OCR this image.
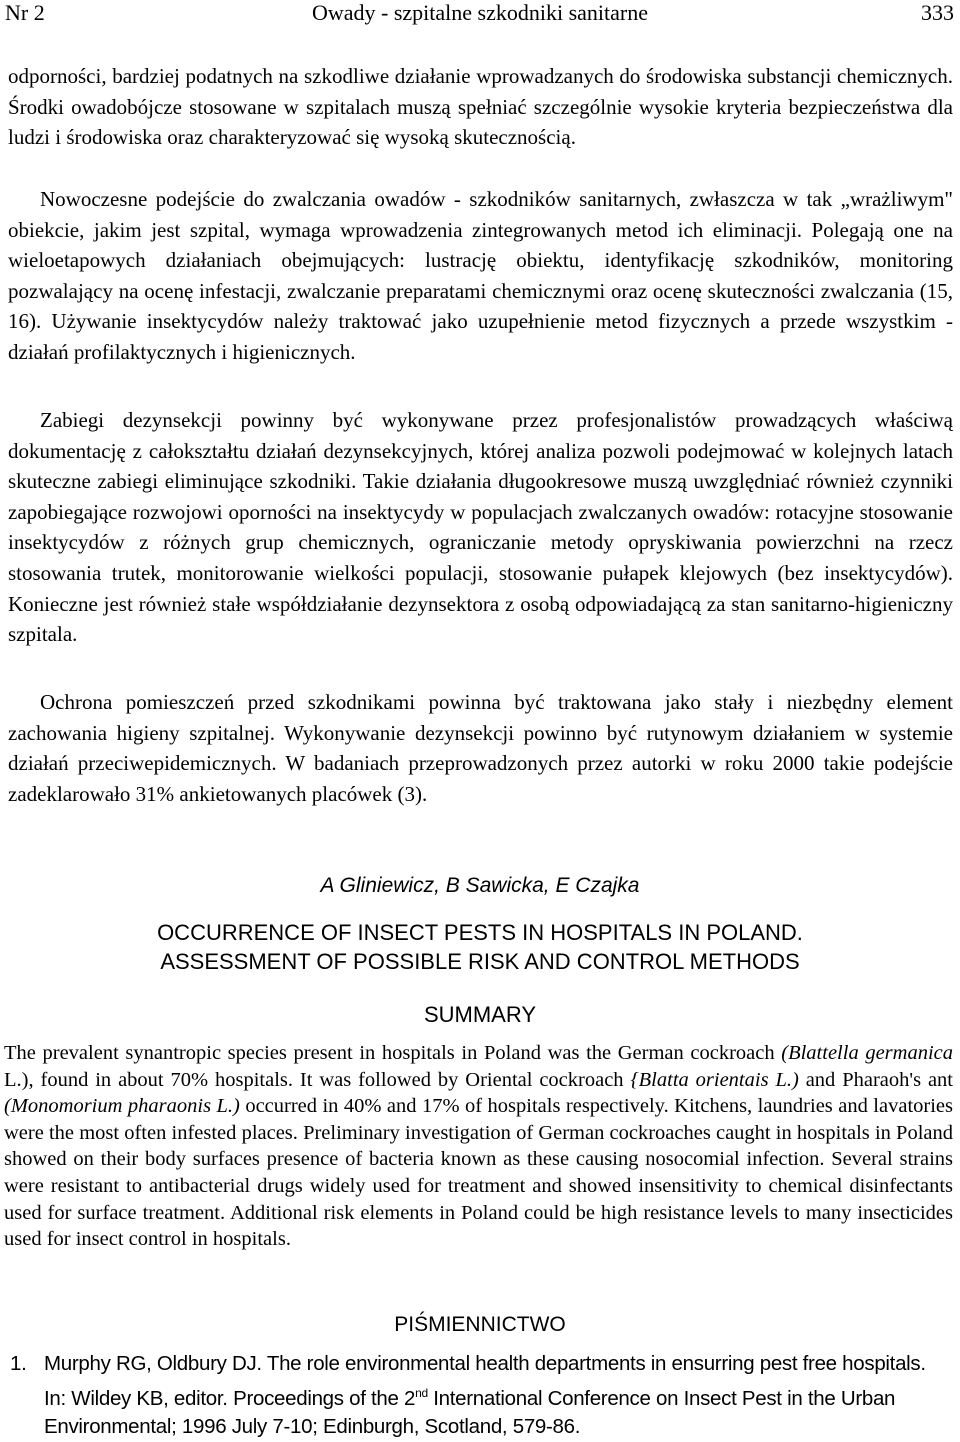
Nr 2	Owady - szpitalne szkodniki sanitarne	333

odporności, bardziej podatnych na szkodliwe działanie wprowadzanych do środowiska substancji chemicznych. Środki owadobójcze stosowane w szpitalach muszą spełniać szczególnie wysokie kryteria bezpieczeństwa dla ludzi i środowiska oraz charakteryzować się wysoką skutecznością.

Nowoczesne podejście do zwalczania owadów - szkodników sanitarnych, zwłaszcza w tak „wrażliwym" obiekcie, jakim jest szpital, wymaga wprowadzenia zintegrowanych metod ich eliminacji. Polegają one na wieloetapowych działaniach obejmujących: lustrację obiektu, identyfikację szkodników, monitoring pozwalający na ocenę infestacji, zwalczanie preparatami chemicznymi oraz ocenę skuteczności zwalczania (15, 16). Używanie insektycydów należy traktować jako uzupełnienie metod fizycznych a przede wszystkim - działań profilaktycznych i higienicznych.

Zabiegi dezynsekcji powinny być wykonywane przez profesjonalistów prowadzących właściwą dokumentację z całokształtu działań dezynsekcyjnych, której analiza pozwoli podejmować w kolejnych latach skuteczne zabiegi eliminujące szkodniki. Takie działania długookresowe muszą uwzględniać również czynniki zapobiegające rozwojowi oporności na insektycydy w populacjach zwalczanych owadów: rotacyjne stosowanie insektycydów z różnych grup chemicznych, ograniczanie metody opryskiwania powierzchni na rzecz stosowania trutek, monitorowanie wielkości populacji, stosowanie pułapek klejowych (bez insektycydów). Konieczne jest również stałe współdziałanie dezynsektora z osobą odpowiadającą za stan sanitarno-higieniczny szpitala.

Ochrona pomieszczeń przed szkodnikami powinna być traktowana jako stały i niezbędny element zachowania higieny szpitalnej. Wykonywanie dezynsekcji powinno być rutynowym działaniem w systemie działań przeciwepidemicznych. W badaniach przeprowadzonych przez autorki w roku 2000 takie podejście zadeklarowało 31% ankietowanych placówek (3).

A Gliniewicz, B Sawicka, E Czajka
OCCURRENCE OF INSECT PESTS IN HOSPITALS IN POLAND.
ASSESSMENT OF POSSIBLE RISK AND CONTROL METHODS
SUMMARY

The prevalent synantropic species present in hospitals in Poland was the German cockroach (Blattella germanica L.), found in about 70% hospitals. It was followed by Oriental cockroach {Blatta orientais L.) and Pharaoh's ant (Monomorium pharaonis L.) occurred in 40% and 17% of hospitals respectively. Kitchens, laundries and lavatories were the most often infested places. Preliminary investigation of German cockroaches caught in hospitals in Poland showed on their body surfaces presence of bacteria known as these causing nosocomial infection. Several strains were resistant to antibacterial drugs widely used for treatment and showed insensitivity to chemical disinfectants used for surface treatment. Additional risk elements in Poland could be high resistance levels to many insecticides used for insect control in hospitals.

PIŚMIENNICTWO

1. Murphy RG, Oldbury DJ. The role environmental health departments in ensurring pest free hospitals. In: Wildey KB, editor. Proceedings of the 2nd International Conference on Insect Pest in the Urban Environmental; 1996 July 7-10; Edinburgh, Scotland, 579-86.
